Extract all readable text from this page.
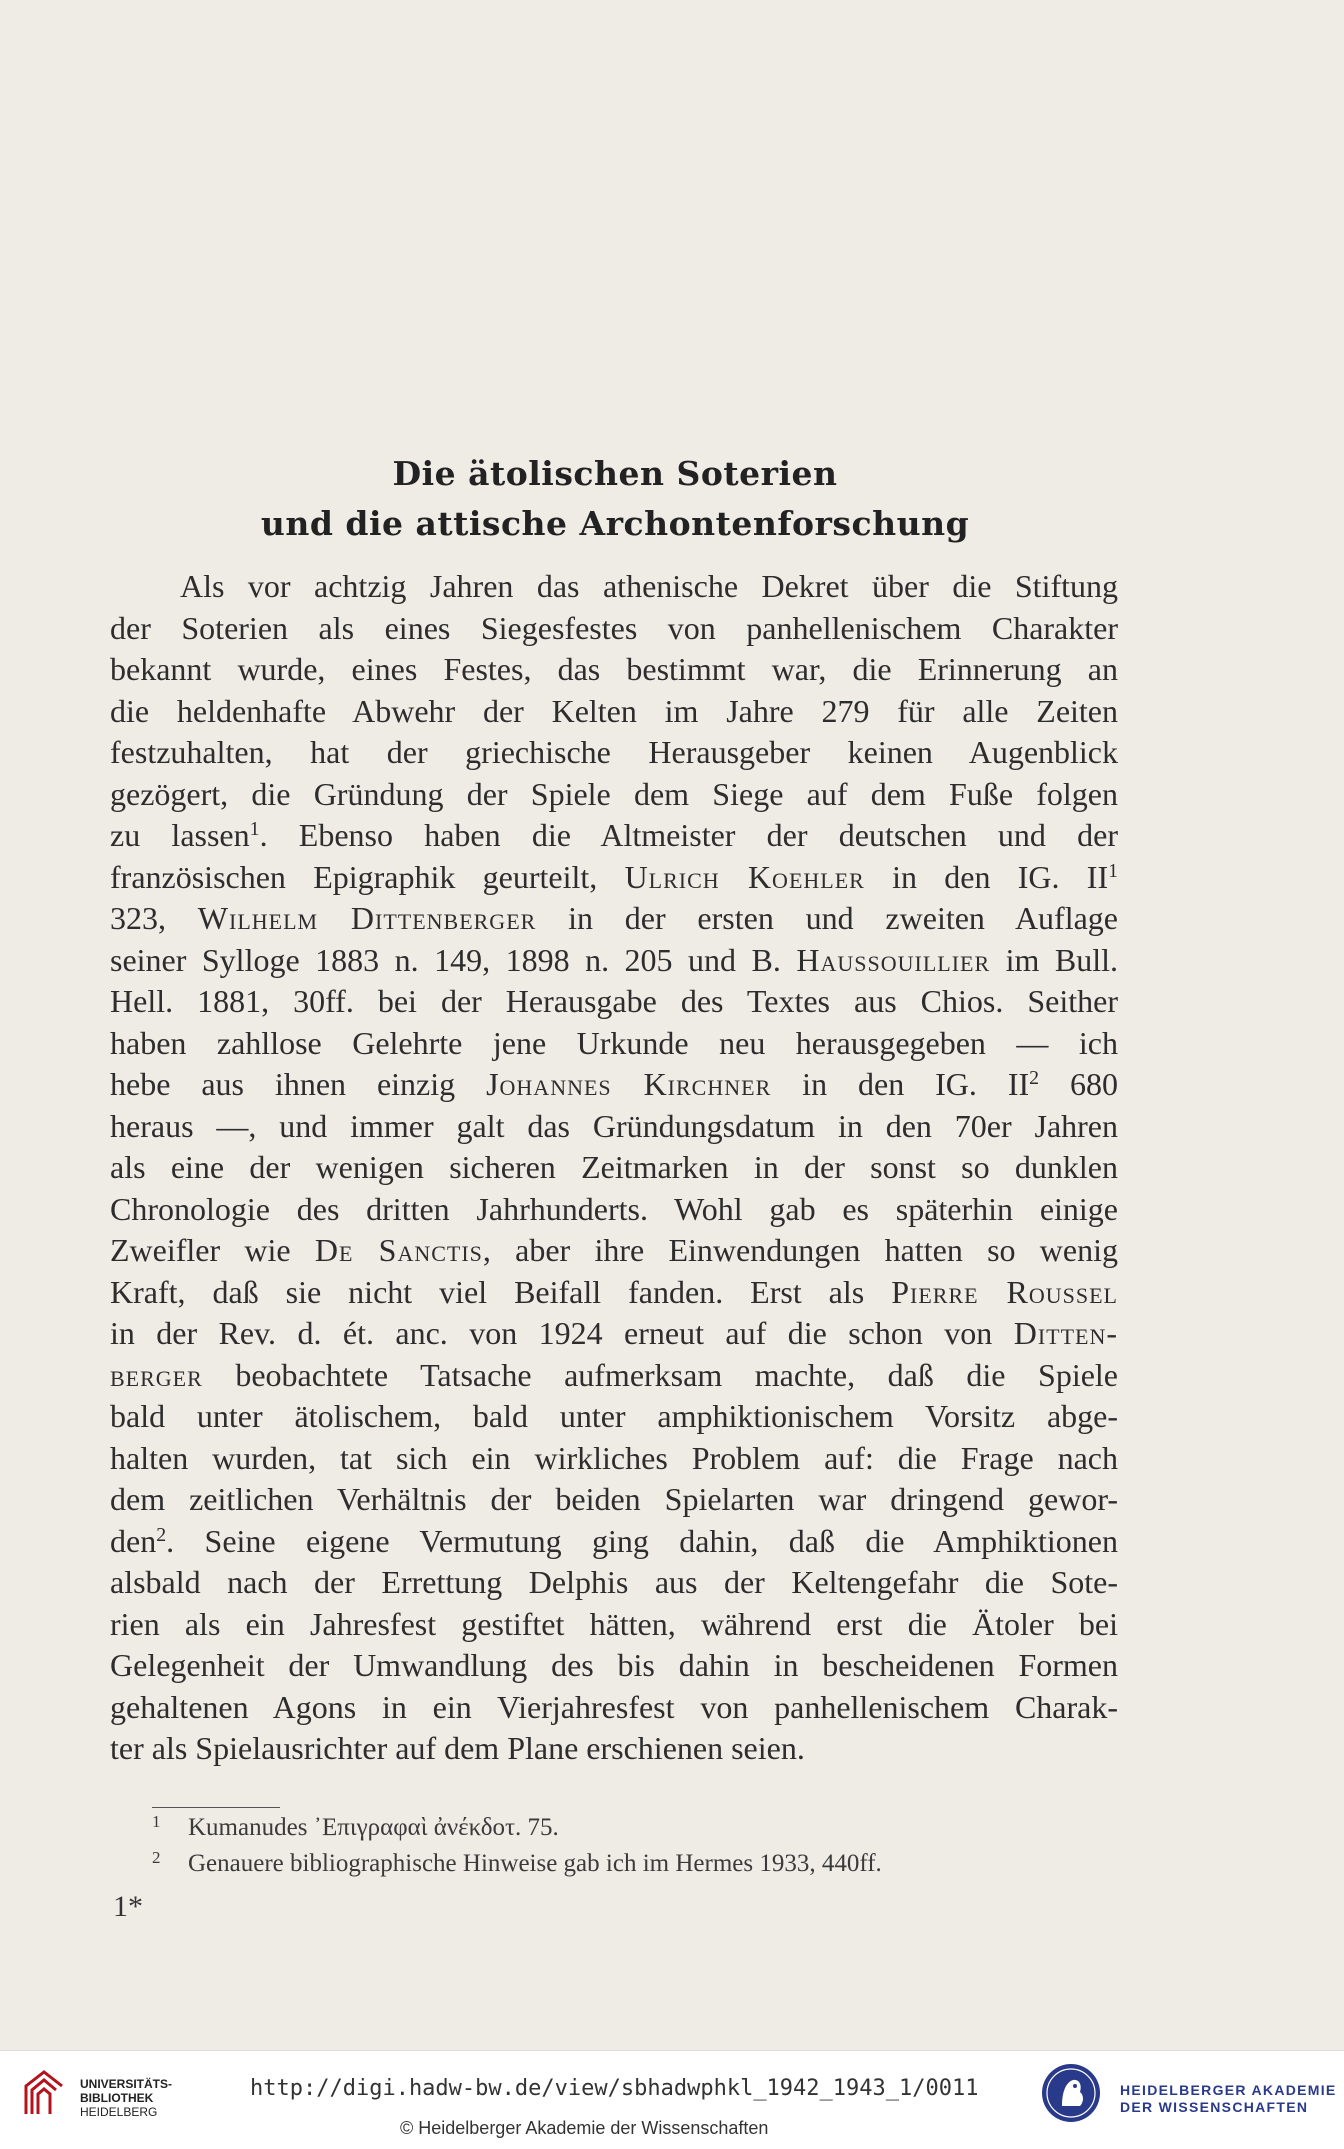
Die ätolischen Soterien
und die attische Archontenforschung
Als vor achtzig Jahren das athenische Dekret über die Stiftung
der Soterien als eines Siegesfestes von panhellenischem Charakter
bekannt wurde, eines Festes, das bestimmt war, die Erinnerung an
die heldenhafte Abwehr der Kelten im Jahre 279 für alle Zeiten
festzuhalten, hat der griechische Herausgeber keinen Augenblick
gezögert, die Gründung der Spiele dem Siege auf dem Fuße folgen
zu lassen$^1$. Ebenso haben die Altmeister der deutschen und der
französischen Epigraphik geurteilt, Ulrich Koehler in den IG. $II^1$
323, Wilhelm Dittenberger in der ersten und zweiten Auflage
seiner Sylloge 1883 n. 149, 1898 n. 205 und B. Haussouillier im Bull.
Hell. 1881, 30ff. bei der Herausgabe des Textes aus Chios. Seither
haben zahllose Gelehrte jene Urkunde neu herausgegeben — ich
hebe aus ihnen einzig Johannes Kirchner in den IG. $II^2$ 680
heraus —, und immer galt das Gründungsdatum in den 70er Jahren
als eine der wenigen sicheren Zeitmarken in der sonst so dunklen
Chronologie des dritten Jahrhunderts. Wohl gab es späterhin einige
Zweifler wie De Sanctis, aber ihre Einwendungen hatten so wenig
Kraft, daß sie nicht viel Beifall fanden. Erst als Pierre Roussel
in der Rev. d. ét. anc. von 1924 erneut auf die schon von Ditten-
berger beobachtete Tatsache aufmerksam machte, daß die Spiele
bald unter ätolischem, bald unter amphiktionischem Vorsitz abge-
halten wurden, tat sich ein wirkliches Problem auf: die Frage nach
dem zeitlichen Verhältnis der beiden Spielarten war dringend gewor-
den$^2$. Seine eigene Vermutung ging dahin, daß die Amphiktionen
alsbald nach der Errettung Delphis aus der Keltengefahr die Sote-
rien als ein Jahresfest gestiftet hätten, während erst die Ätoler bei
Gelegenheit der Umwandlung des bis dahin in bescheidenen Formen
gehaltenen Agons in ein Vierjahresfest von panhellenischem Charak-
ter als Spielausrichter auf dem Plane erschienen seien.

1 Kumanudes ᾿Επιγραφαὶ ἀνέκδοτ. 75.

2 Genauere bibliographische Hinweise gab ich im Hermes 1933, 440ff.

1*

UNIVERSITÄTS-
BIBLIOTHEK
HEIDELBERG
http://digi.hadw-bw.de/view/sbhadwphkl_1942_1943_1/0011
© Heidelberger Akademie der Wissenschaften
HEIDELBERGER AKADEMIE
DER WISSENSCHAFTEN
